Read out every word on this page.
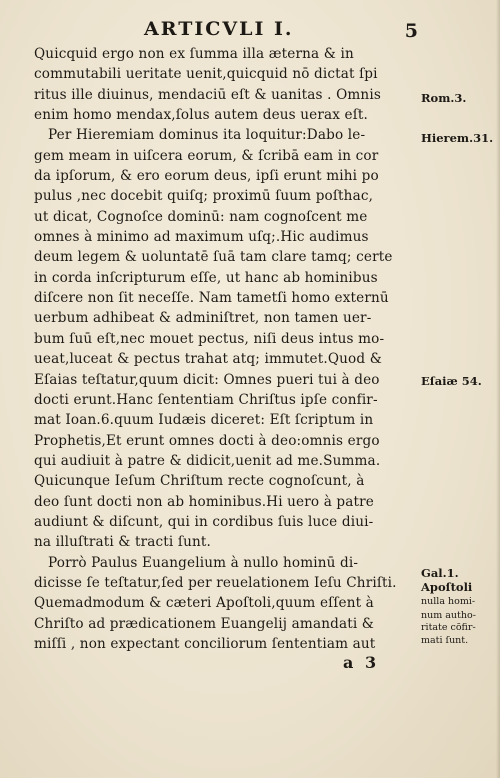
ARTICVLI I.	5
Quicquid ergo non ex ſumma illa æterna & in
commutabili ueritate uenit,quicquid nō dictat ſpi
ritus ille diuinus, mendaciū eſt & uanitas . Omnis
enim homo mendax,ſolus autem deus uerax eſt.
Per Hieremiam dominus ita loquitur:Dabo le-
gem meam in uiſcera eorum, & ſcribā eam in cor
da ipſorum, & ero eorum deus, ipſi erunt mihi po
pulus ,nec docebit quiſq; proximū ſuum poſthac,
ut dicat, Cognoſce dominū: nam cognoſcent me
omnes à minimo ad maximum uſq;.Hic audimus
deum legem & uoluntatē ſuā tam clare tamq; certe
in corda inſcripturum eſſe, ut hanc ab hominibus
diſcere non ſit neceſſe. Nam tametſi homo externū
uerbum adhibeat & adminiſtret, non tamen uer-
bum ſuū eſt,nec mouet pectus, niſi deus intus mo-
ueat,luceat & pectus trahat atq; immutet.Quod &
Eſaias teſtatur,quum dicit: Omnes pueri tui à deo
docti erunt.Hanc ſententiam Chriſtus ipſe confir-
mat Ioan.6.quum Iudæis diceret: Eſt ſcriptum in
Prophetis,Et erunt omnes docti à deo:omnis ergo
qui audiuit à patre & didicit,uenit ad me.Summa.
Quicunque Ieſum Chriſtum recte cognoſcunt, à
deo ſunt docti non ab hominibus.Hi uero à patre
audiunt & diſcunt, qui in cordibus ſuis luce diui-
na illuſtrati & tracti ſunt.
Porrò Paulus Euangelium à nullo hominū di-
dicisse ſe teſtatur,ſed per reuelationem Ieſu Chriſti.
Quemadmodum & cæteri Apoſtoli,quum eſſent à
Chriſto ad prædicationem Euangelij amandati &
miſſi , non expectant conciliorum ſententiam aut
Rom.3.
Hierem.31.
Eſaiæ 54.
Gal.1.
Apoſtoli
nulla homi-
num autho-
ritate cōfir-
mati ſunt.
a 3
